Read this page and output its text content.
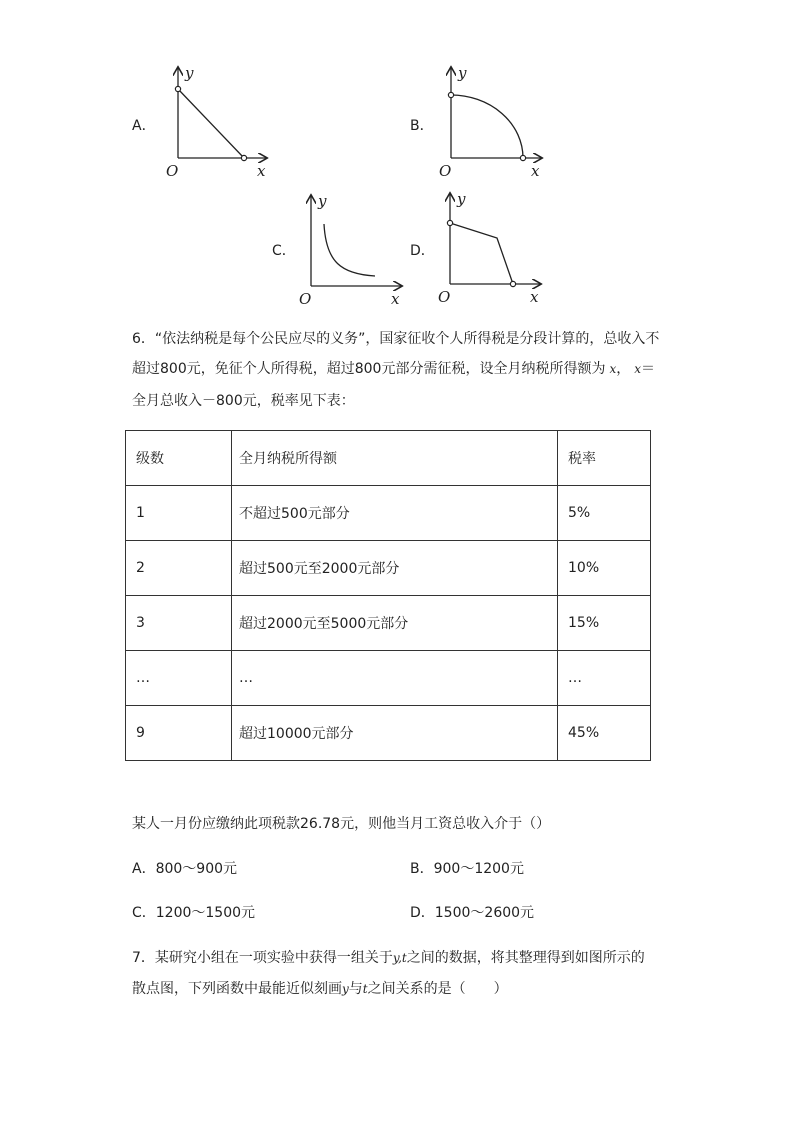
A．
y
x
O
B．
y
x
O
C．
y
x
O
D．
y
x
O
6．“依法纳税是每个公民应尽的义务”，国家征收个人所得税是分段计算的，总收入不
超过800元，免征个人所得税，超过800元部分需征税，设全月纳税所得额为 x， x＝
全月总收入－800元，税率见下表：
级数	全月纳税所得额	税率
1	不超过500元部分	5%
2	超过500元至2000元部分	10%
3	超过2000元至5000元部分	15%
…	…	…
9	超过10000元部分	45%
某人一月份应缴纳此项税款26.78元，则他当月工资总收入介于（）
A．800～900元	B．900～1200元
C．1200～1500元	D．1500～2600元
7．某研究小组在一项实验中获得一组关于y,t之间的数据，将其整理得到如图所示的
散点图，下列函数中最能近似刻画y与t之间关系的是（　　）
